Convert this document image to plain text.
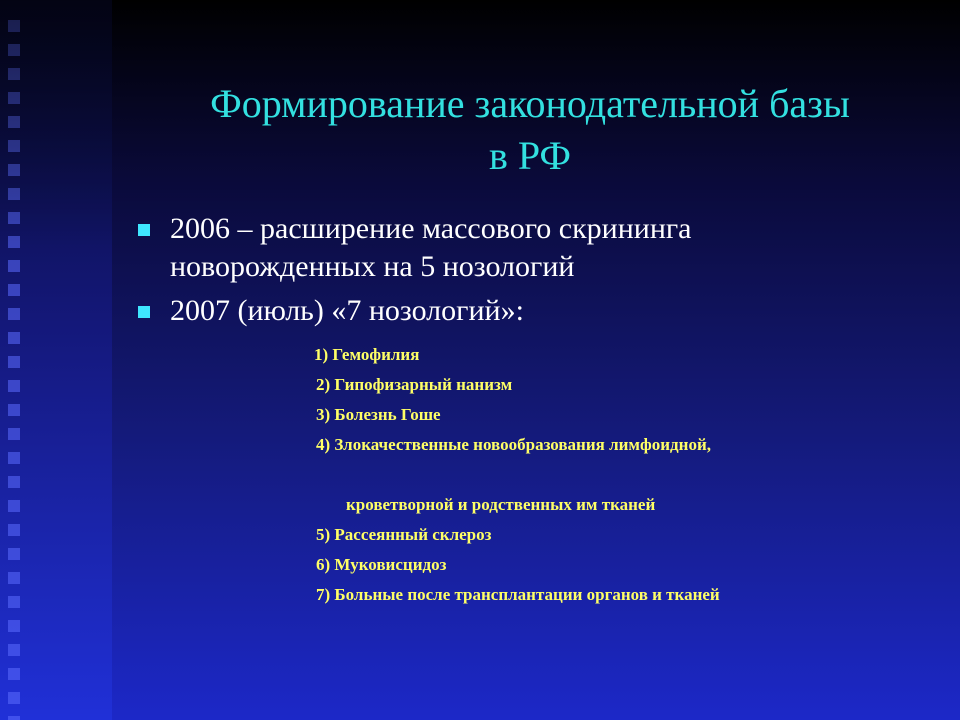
Формирование законодательной базы
в РФ
2006 – расширение массового скрининга
новорожденных на 5 нозологий
2007 (июль) «7 нозологий»:
1) Гемофилия
2) Гипофизарный нанизм
3) Болезнь Гоше
4) Злокачественные новообразования лимфоидной,
кроветворной и родственных им тканей
5) Рассеянный склероз
6) Муковисцидоз
7) Больные после трансплантации органов и тканей
